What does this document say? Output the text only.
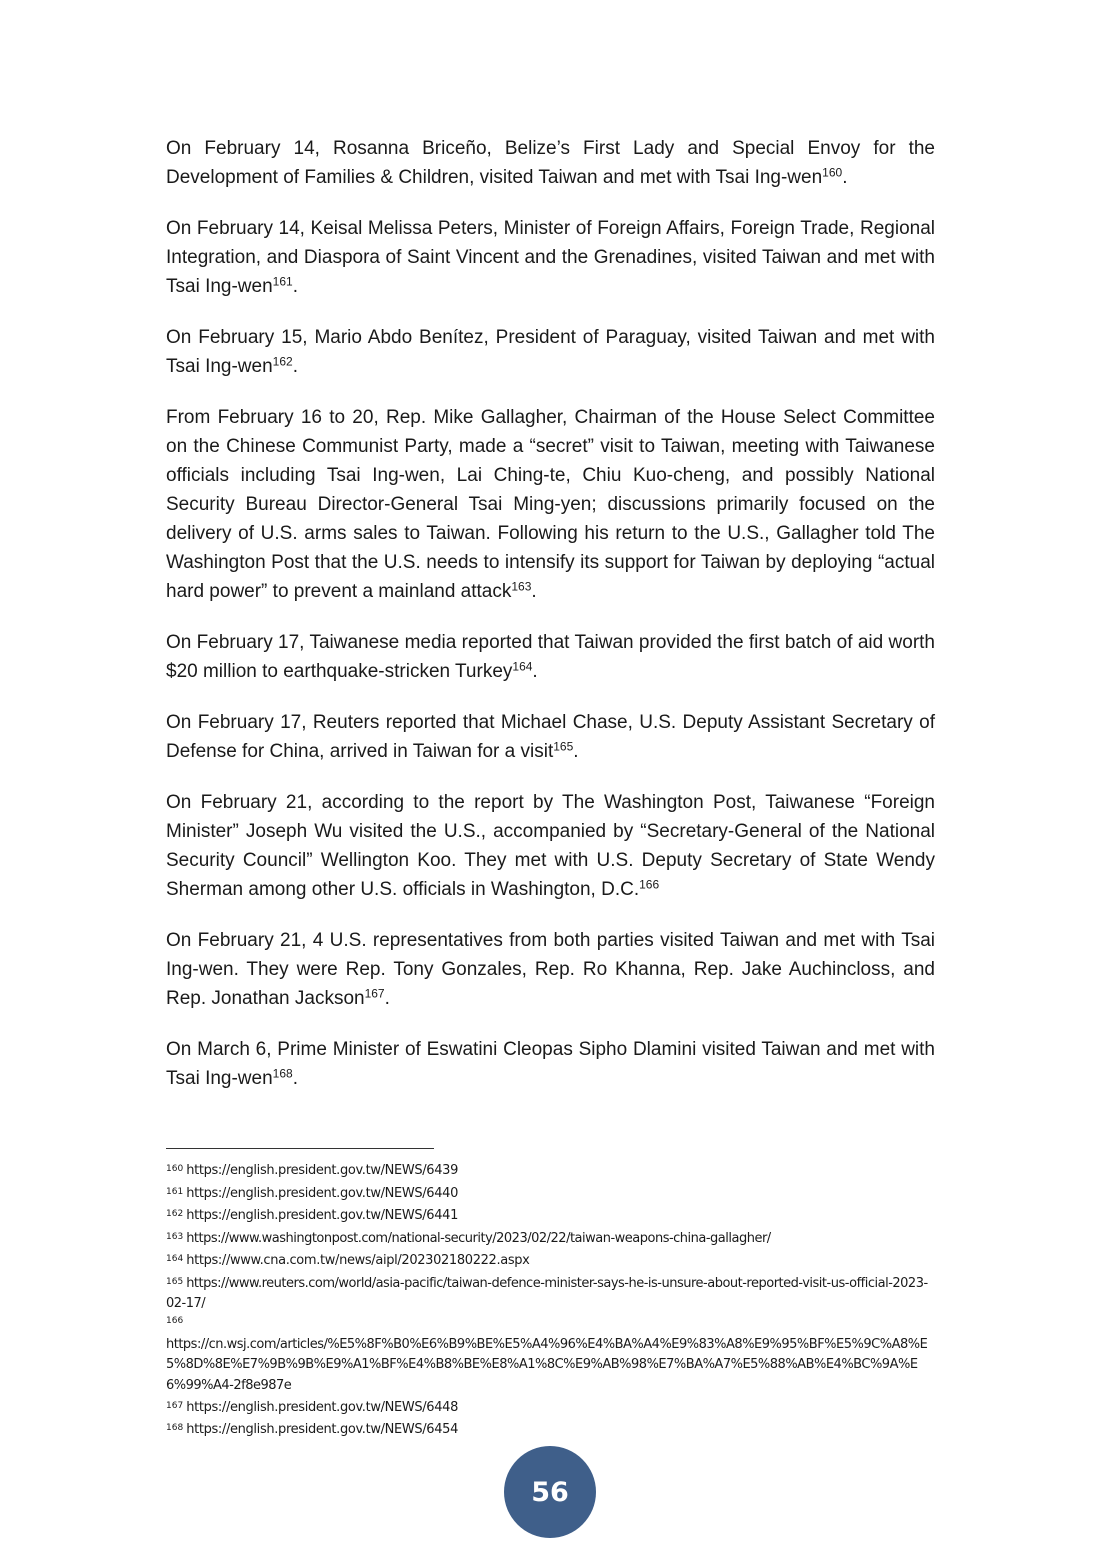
On February 14, Rosanna Briceño, Belize’s First Lady and Special Envoy for the Development of Families & Children, visited Taiwan and met with Tsai Ing-wen$^{160}$.

On February 14, Keisal Melissa Peters, Minister of Foreign Affairs, Foreign Trade, Regional Integration, and Diaspora of Saint Vincent and the Grenadines, visited Taiwan and met with Tsai Ing-wen$^{161}$.

On February 15, Mario Abdo Benítez, President of Paraguay, visited Taiwan and met with Tsai Ing-wen$^{162}$.

From February 16 to 20, Rep. Mike Gallagher, Chairman of the House Select Committee on the Chinese Communist Party, made a “secret” visit to Taiwan, meeting with Taiwanese officials including Tsai Ing-wen, Lai Ching-te, Chiu Kuo-cheng, and possibly National Security Bureau Director-General Tsai Ming-yen; discussions primarily focused on the delivery of U.S. arms sales to Taiwan. Following his return to the U.S., Gallagher told The Washington Post that the U.S. needs to intensify its support for Taiwan by deploying “actual hard power” to prevent a mainland attack$^{163}$.

On February 17, Taiwanese media reported that Taiwan provided the first batch of aid worth $20 million to earthquake-stricken Turkey$^{164}$.

On February 17, Reuters reported that Michael Chase, U.S. Deputy Assistant Secretary of Defense for China, arrived in Taiwan for a visit$^{165}$.

On February 21, according to the report by The Washington Post, Taiwanese “Foreign Minister” Joseph Wu visited the U.S., accompanied by “Secretary-General of the National Security Council” Wellington Koo. They met with U.S. Deputy Secretary of State Wendy Sherman among other U.S. officials in Washington, D.C.$^{166}$

On February 21, 4 U.S. representatives from both parties visited Taiwan and met with Tsai Ing-wen. They were Rep. Tony Gonzales, Rep. Ro Khanna, Rep. Jake Auchincloss, and Rep. Jonathan Jackson$^{167}$.

On March 6, Prime Minister of Eswatini Cleopas Sipho Dlamini visited Taiwan and met with Tsai Ing-wen$^{168}$.

$^{160}$ https://english.president.gov.tw/NEWS/6439

$^{161}$ https://english.president.gov.tw/NEWS/6440

$^{162}$ https://english.president.gov.tw/NEWS/6441

$^{163}$ https://www.washingtonpost.com/national-security/2023/02/22/taiwan-weapons-china-gallagher/

$^{164}$ https://www.cna.com.tw/news/aipl/202302180222.aspx

$^{165}$ https://www.reuters.com/world/asia-pacific/taiwan-defence-minister-says-he-is-unsure-about-reported-visit-us-official-2023-02-17/

166
https://cn.wsj.com/articles/%E5%8F%B0%E6%B9%BE%E5%A4%96%E4%BA%A4%E9%83%A8%E9%95%BF%E5%9C%A8%E5%8D%8E%E7%9B%9B%E9%A1%BF%E4%B8%BE%E8%A1%8C%E9%AB%98%E7%BA%A7%E5%88%AB%E4%BC%9A%E6%99%A4-2f8e987e

$^{167}$ https://english.president.gov.tw/NEWS/6448

$^{168}$ https://english.president.gov.tw/NEWS/6454

56
